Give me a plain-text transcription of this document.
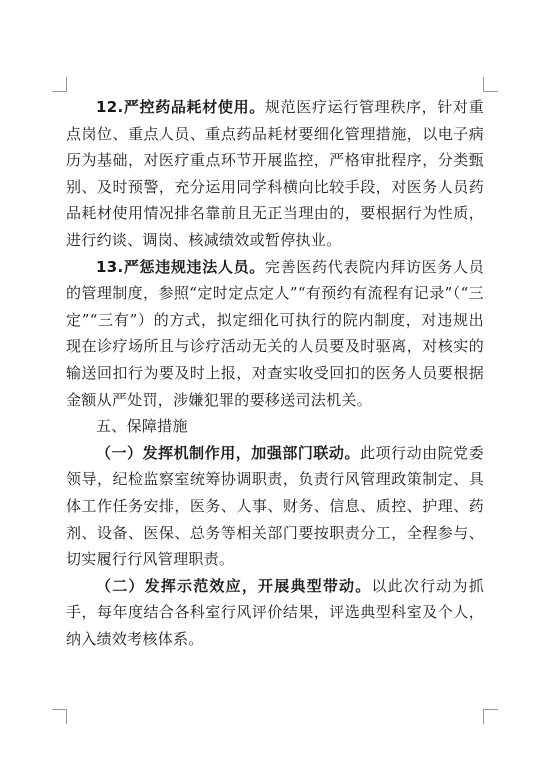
12.严控药品耗材使用。规范医疗运行管理秩序，针对重点岗位、重点人员、重点药品耗材要细化管理措施，以电子病历为基础，对医疗重点环节开展监控，严格审批程序，分类甄别、及时预警，充分运用同学科横向比较手段，对医务人员药品耗材使用情况排名靠前且无正当理由的，要根据行为性质，进行约谈、调岗、核减绩效或暂停执业。

13.严惩违规违法人员。完善医药代表院内拜访医务人员的管理制度，参照“定时定点定人”“有预约有流程有记录”（“三定”“三有”）的方式，拟定细化可执行的院内制度，对违规出现在诊疗场所且与诊疗活动无关的人员要及时驱离，对核实的输送回扣行为要及时上报，对查实收受回扣的医务人员要根据金额从严处罚，涉嫌犯罪的要移送司法机关。

五、保障措施

（一）发挥机制作用，加强部门联动。此项行动由院党委领导，纪检监察室统筹协调职责，负责行风管理政策制定、具体工作任务安排，医务、人事、财务、信息、质控、护理、药剂、设备、医保、总务等相关部门要按职责分工，全程参与、切实履行行风管理职责。

（二）发挥示范效应，开展典型带动。以此次行动为抓手，每年度结合各科室行风评价结果，评选典型科室及个人，纳入绩效考核体系。
